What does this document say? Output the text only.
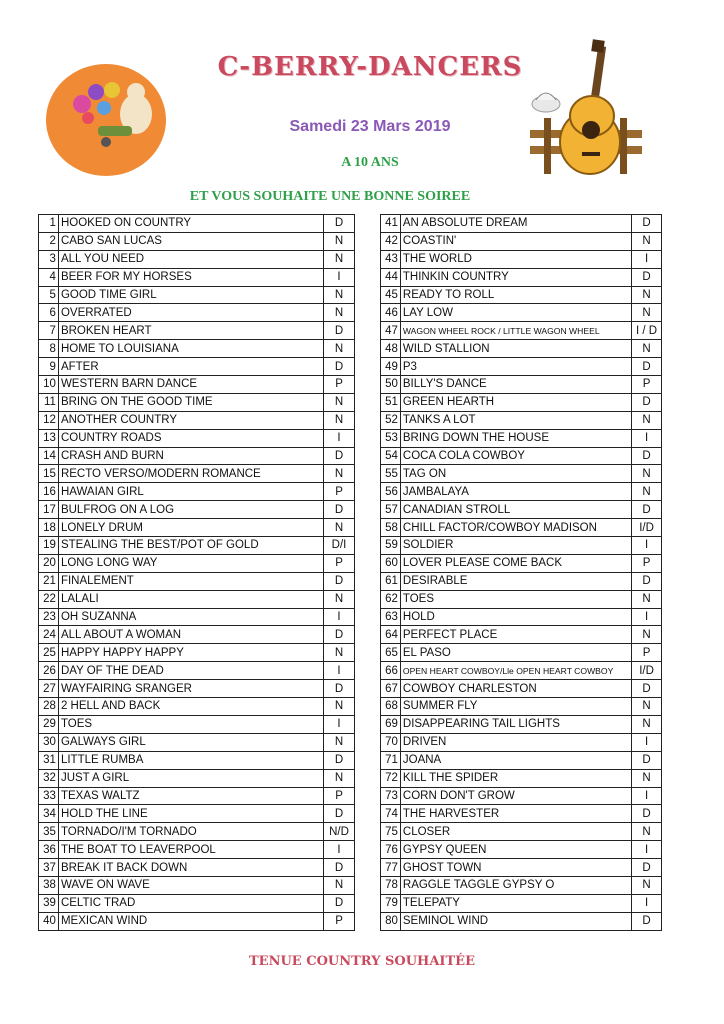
C-BERRY-DANCERS
Samedi 23 Mars 2019
A 10 ANS
ET VOUS SOUHAITE UNE BONNE SOIREE
1	HOOKED ON COUNTRY	D
2	CABO SAN LUCAS	N
3	ALL YOU NEED	N
4	BEER FOR MY HORSES	I
5	GOOD TIME GIRL	N
6	OVERRATED	N
7	BROKEN HEART	D
8	HOME TO LOUISIANA	N
9	AFTER	D
10	WESTERN BARN DANCE	P
11	BRING ON THE GOOD TIME	N
12	ANOTHER COUNTRY	N
13	COUNTRY ROADS	I
14	CRASH AND BURN	D
15	RECTO VERSO/MODERN ROMANCE	N
16	HAWAIAN GIRL	P
17	BULFROG ON A LOG	D
18	LONELY DRUM	N
19	STEALING THE BEST/POT OF GOLD	D/I
20	LONG LONG WAY	P
21	FINALEMENT	D
22	LALALI	N
23	OH SUZANNA	I
24	ALL ABOUT A WOMAN	D
25	HAPPY HAPPY HAPPY	N
26	DAY OF THE DEAD	I
27	WAYFAIRING SRANGER	D
28	2 HELL AND BACK	N
29	TOES	I
30	GALWAYS GIRL	N
31	LITTLE RUMBA	D
32	JUST A GIRL	N
33	TEXAS WALTZ	P
34	HOLD THE LINE	D
35	TORNADO/I'M TORNADO	N/D
36	THE BOAT TO LEAVERPOOL	I
37	BREAK IT BACK DOWN	D
38	WAVE ON WAVE	N
39	CELTIC TRAD	D
40	MEXICAN WIND	P
41	AN ABSOLUTE DREAM	D
42	COASTIN'	N
43	THE WORLD	I
44	THINKIN COUNTRY	D
45	READY TO ROLL	N
46	LAY LOW	N
47	WAGON WHEEL ROCK / LITTLE WAGON WHEEL	I / D
48	WILD STALLION	N
49	P3	D
50	BILLY'S DANCE	P
51	GREEN HEARTH	D
52	TANKS A LOT	N
53	BRING DOWN THE HOUSE	I
54	COCA COLA COWBOY	D
55	TAG ON	N
56	JAMBALAYA	N
57	CANADIAN STROLL	D
58	CHILL FACTOR/COWBOY MADISON	I/D
59	SOLDIER	I
60	LOVER PLEASE COME BACK	P
61	DESIRABLE	D
62	TOES	N
63	HOLD	I
64	PERFECT PLACE	N
65	EL PASO	P
66	OPEN HEART COWBOY/Lle OPEN HEART COWBOY	I/D
67	COWBOY CHARLESTON	D
68	SUMMER FLY	N
69	DISAPPEARING TAIL LIGHTS	N
70	DRIVEN	I
71	JOANA	D
72	KILL THE SPIDER	N
73	CORN DON'T GROW	I
74	THE HARVESTER	D
75	CLOSER	N
76	GYPSY QUEEN	I
77	GHOST TOWN	D
78	RAGGLE TAGGLE GYPSY O	N
79	TELEPATY	I
80	SEMINOL WIND	D
TENUE COUNTRY SOUHAITÉE
